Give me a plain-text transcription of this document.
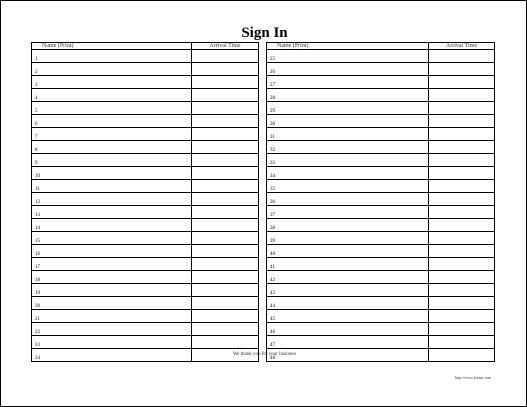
Sign In
Name (Print)	Arrival Time
1	
2	
3	
4	
5	
6	
7	
8	
9	
10	
11	
12	
13	
14	
15	
16	
17	
18	
19	
20	
21	
22	
23	
24	
Name (Print)	Arrival Time
25	
26	
27	
28	
29	
30	
31	
32	
33	
34	
35	
36	
37	
38	
39	
40	
41	
42	
43	
44	
45	
46	
47	
48	
We thank you for your business
http://www.forms.com
